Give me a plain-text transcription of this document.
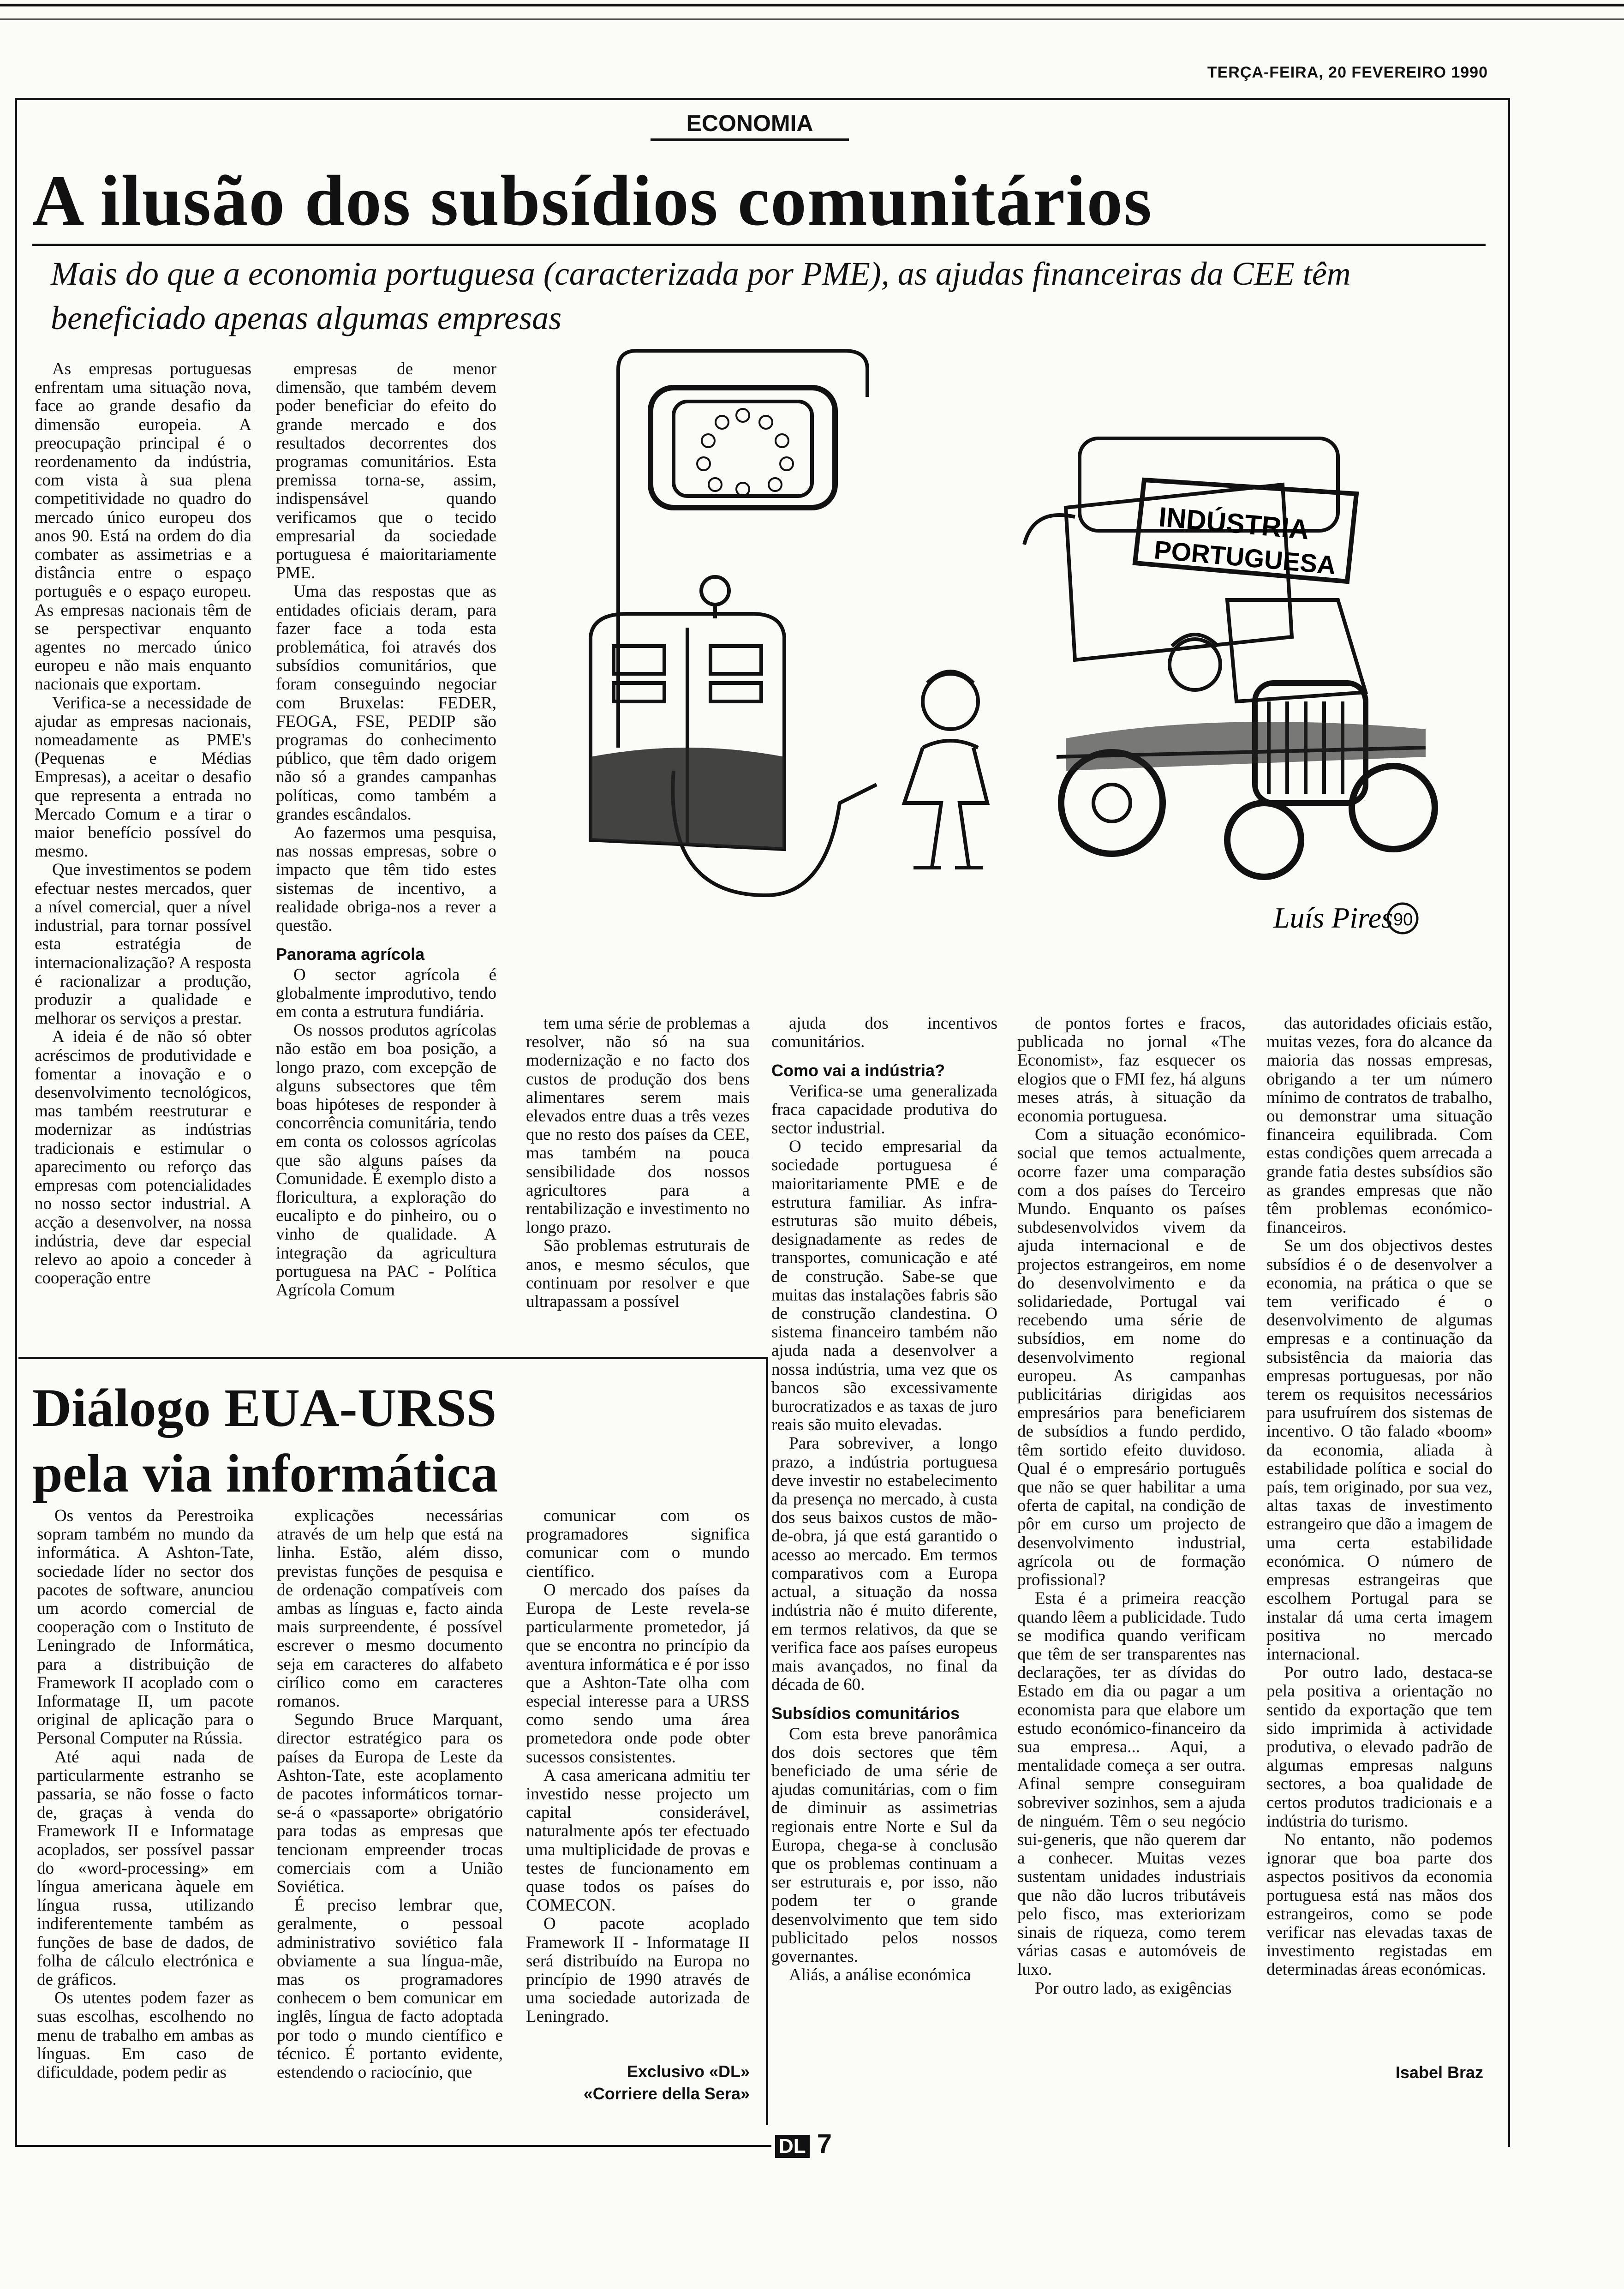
TERÇA-FEIRA, 20 FEVEREIRO 1990
ECONOMIA
A ilusão dos subsídios comunitários
Mais do que a economia portuguesa (caracterizada por PME), as ajudas financeiras da CEE têm beneficiado apenas algumas empresas

As empresas portuguesas enfrentam uma situação nova, face ao grande desafio da dimensão europeia. A preocupação principal é o reordenamento da indústria, com vista à sua plena competitividade no quadro do mercado único europeu dos anos 90. Está na ordem do dia combater as assimetrias e a distância entre o espaço português e o espaço europeu. As empresas nacionais têm de se perspectivar enquanto agentes no mercado único europeu e não mais enquanto nacionais que exportam.

Verifica-se a necessidade de ajudar as empresas nacionais, nomeadamente as PME's (Pequenas e Médias Empresas), a aceitar o desafio que representa a entrada no Mercado Comum e a tirar o maior benefício possível do mesmo.

Que investimentos se podem efectuar nestes mercados, quer a nível comercial, quer a nível industrial, para tornar possível esta estratégia de internacionalização? A resposta é racionalizar a produção, produzir a qualidade e melhorar os serviços a prestar.

A ideia é de não só obter acréscimos de produtividade e fomentar a inovação e o desenvolvimento tecnológicos, mas também reestruturar e modernizar as indústrias tradicionais e estimular o aparecimento ou reforço das empresas com potencialidades no nosso sector industrial. A acção a desenvolver, na nossa indústria, deve dar especial relevo ao apoio a conceder à cooperação entre

empresas de menor dimensão, que também devem poder beneficiar do efeito do grande mercado e dos resultados decorrentes dos programas comunitários. Esta premissa torna-se, assim, indispensável quando verificamos que o tecido empresarial da sociedade portuguesa é maioritariamente PME.

Uma das respostas que as entidades oficiais deram, para fazer face a toda esta problemática, foi através dos subsídios comunitários, que foram conseguindo negociar com Bruxelas: FEDER, FEOGA, FSE, PEDIP são programas do conhecimento público, que têm dado origem não só a grandes campanhas políticas, como também a grandes escândalos.

Ao fazermos uma pesquisa, nas nossas empresas, sobre o impacto que têm tido estes sistemas de incentivo, a realidade obriga-nos a rever a questão.

Panorama agrícola

O sector agrícola é globalmente improdutivo, tendo em conta a estrutura fundiária.

Os nossos produtos agrícolas não estão em boa posição, a longo prazo, com excepção de alguns subsectores que têm boas hipóteses de responder à concorrência comunitária, tendo em conta os colossos agrícolas que são alguns países da Comunidade. É exemplo disto a floricultura, a exploração do eucalipto e do pinheiro, ou o vinho de qualidade. A integração da agricultura portuguesa na PAC - Política Agrícola Comum

INDÚSTRIA
PORTUGUESA
Luís Pires 90

tem uma série de problemas a resolver, não só na sua modernização e no facto dos custos de produção dos bens alimentares serem mais elevados entre duas a três vezes que no resto dos países da CEE, mas também na pouca sensibilidade dos nossos agricultores para a rentabilização e investimento no longo prazo.

São problemas estruturais de anos, e mesmo séculos, que continuam por resolver e que ultrapassam a possível

ajuda dos incentivos comunitários.

Como vai a indústria?

Verifica-se uma generalizada fraca capacidade produtiva do sector industrial.

O tecido empresarial da sociedade portuguesa é maioritariamente PME e de estrutura familiar. As infra-estruturas são muito débeis, designadamente as redes de transportes, comunicação e até de construção. Sabe-se que muitas das instalações fabris são de construção clandestina. O sistema financeiro também não ajuda nada a desenvolver a nossa indústria, uma vez que os bancos são excessivamente burocratizados e as taxas de juro reais são muito elevadas.

Para sobreviver, a longo prazo, a indústria portuguesa deve investir no estabelecimento da presença no mercado, à custa dos seus baixos custos de mão-de-obra, já que está garantido o acesso ao mercado. Em termos comparativos com a Europa actual, a situação da nossa indústria não é muito diferente, em termos relativos, da que se verifica face aos países europeus mais avançados, no final da década de 60.

Subsídios comunitários

Com esta breve panorâmica dos dois sectores que têm beneficiado de uma série de ajudas comunitárias, com o fim de diminuir as assimetrias regionais entre Norte e Sul da Europa, chega-se à conclusão que os problemas continuam a ser estruturais e, por isso, não podem ter o grande desenvolvimento que tem sido publicitado pelos nossos governantes.

Aliás, a análise económica

de pontos fortes e fracos, publicada no jornal «The Economist», faz esquecer os elogios que o FMI fez, há alguns meses atrás, à situação da economia portuguesa.

Com a situação económico-social que temos actualmente, ocorre fazer uma comparação com a dos países do Terceiro Mundo. Enquanto os países subdesenvolvidos vivem da ajuda internacional e de projectos estrangeiros, em nome do desenvolvimento e da solidariedade, Portugal vai recebendo uma série de subsídios, em nome do desenvolvimento regional europeu. As campanhas publicitárias dirigidas aos empresários para beneficiarem de subsídios a fundo perdido, têm sortido efeito duvidoso. Qual é o empresário português que não se quer habilitar a uma oferta de capital, na condição de pôr em curso um projecto de desenvolvimento industrial, agrícola ou de formação profissional?

Esta é a primeira reacção quando lêem a publicidade. Tudo se modifica quando verificam que têm de ser transparentes nas declarações, ter as dívidas do Estado em dia ou pagar a um economista para que elabore um estudo económico-financeiro da sua empresa... Aqui, a mentalidade começa a ser outra. Afinal sempre conseguiram sobreviver sozinhos, sem a ajuda de ninguém. Têm o seu negócio sui-generis, que não querem dar a conhecer. Muitas vezes sustentam unidades industriais que não dão lucros tributáveis pelo fisco, mas exteriorizam sinais de riqueza, como terem várias casas e automóveis de luxo.

Por outro lado, as exigências

das autoridades oficiais estão, muitas vezes, fora do alcance da maioria das nossas empresas, obrigando a ter um número mínimo de contratos de trabalho, ou demonstrar uma situação financeira equilibrada. Com estas condições quem arrecada a grande fatia destes subsídios são as grandes empresas que não têm problemas económico-financeiros.

Se um dos objectivos destes subsídios é o de desenvolver a economia, na prática o que se tem verificado é o desenvolvimento de algumas empresas e a continuação da subsistência da maioria das empresas portuguesas, por não terem os requisitos necessários para usufruírem dos sistemas de incentivo. O tão falado «boom» da economia, aliada à estabilidade política e social do país, tem originado, por sua vez, altas taxas de investimento estrangeiro que dão a imagem de uma certa estabilidade económica. O número de empresas estrangeiras que escolhem Portugal para se instalar dá uma certa imagem positiva no mercado internacional.

Por outro lado, destaca-se pela positiva a orientação no sentido da exportação que tem sido imprimida à actividade produtiva, o elevado padrão de algumas empresas nalguns sectores, a boa qualidade de certos produtos tradicionais e a indústria do turismo.

No entanto, não podemos ignorar que boa parte dos aspectos positivos da economia portuguesa está nas mãos dos estrangeiros, como se pode verificar nas elevadas taxas de investimento registadas em determinadas áreas económicas.

Isabel Braz
Diálogo EUA-URSS
pela via informática

Os ventos da Perestroika sopram também no mundo da informática. A Ashton-Tate, sociedade líder no sector dos pacotes de software, anunciou um acordo comercial de cooperação com o Instituto de Leningrado de Informática, para a distribuição de Framework II acoplado com o Informatage II, um pacote original de aplicação para o Personal Computer na Rússia.

Até aqui nada de particularmente estranho se passaria, se não fosse o facto de, graças à venda do Framework II e Informatage acoplados, ser possível passar do «word-processing» em língua americana àquele em língua russa, utilizando indiferentemente também as funções de base de dados, de folha de cálculo electrónica e de gráficos.

Os utentes podem fazer as suas escolhas, escolhendo no menu de trabalho em ambas as línguas. Em caso de dificuldade, podem pedir as

explicações necessárias através de um help que está na linha. Estão, além disso, previstas funções de pesquisa e de ordenação compatíveis com ambas as línguas e, facto ainda mais surpreendente, é possível escrever o mesmo documento seja em caracteres do alfabeto cirílico como em caracteres romanos.

Segundo Bruce Marquant, director estratégico para os países da Europa de Leste da Ashton-Tate, este acoplamento de pacotes informáticos tornar-se-á o «passaporte» obrigatório para todas as empresas que tencionam empreender trocas comerciais com a União Soviética.

É preciso lembrar que, geralmente, o pessoal administrativo soviético fala obviamente a sua língua-mãe, mas os programadores conhecem o bem comunicar em inglês, língua de facto adoptada por todo o mundo científico e técnico. É portanto evidente, estendendo o raciocínio, que

comunicar com os programadores significa comunicar com o mundo científico.

O mercado dos países da Europa de Leste revela-se particularmente prometedor, já que se encontra no princípio da aventura informática e é por isso que a Ashton-Tate olha com especial interesse para a URSS como sendo uma área prometedora onde pode obter sucessos consistentes.

A casa americana admitiu ter investido nesse projecto um capital considerável, naturalmente após ter efectuado uma multiplicidade de provas e testes de funcionamento em quase todos os países do COMECON.

O pacote acoplado Framework II - Informatage II será distribuído na Europa no princípio de 1990 através de uma sociedade autorizada de Leningrado.

Exclusivo «DL»
«Corriere della Sera»
DL 7
